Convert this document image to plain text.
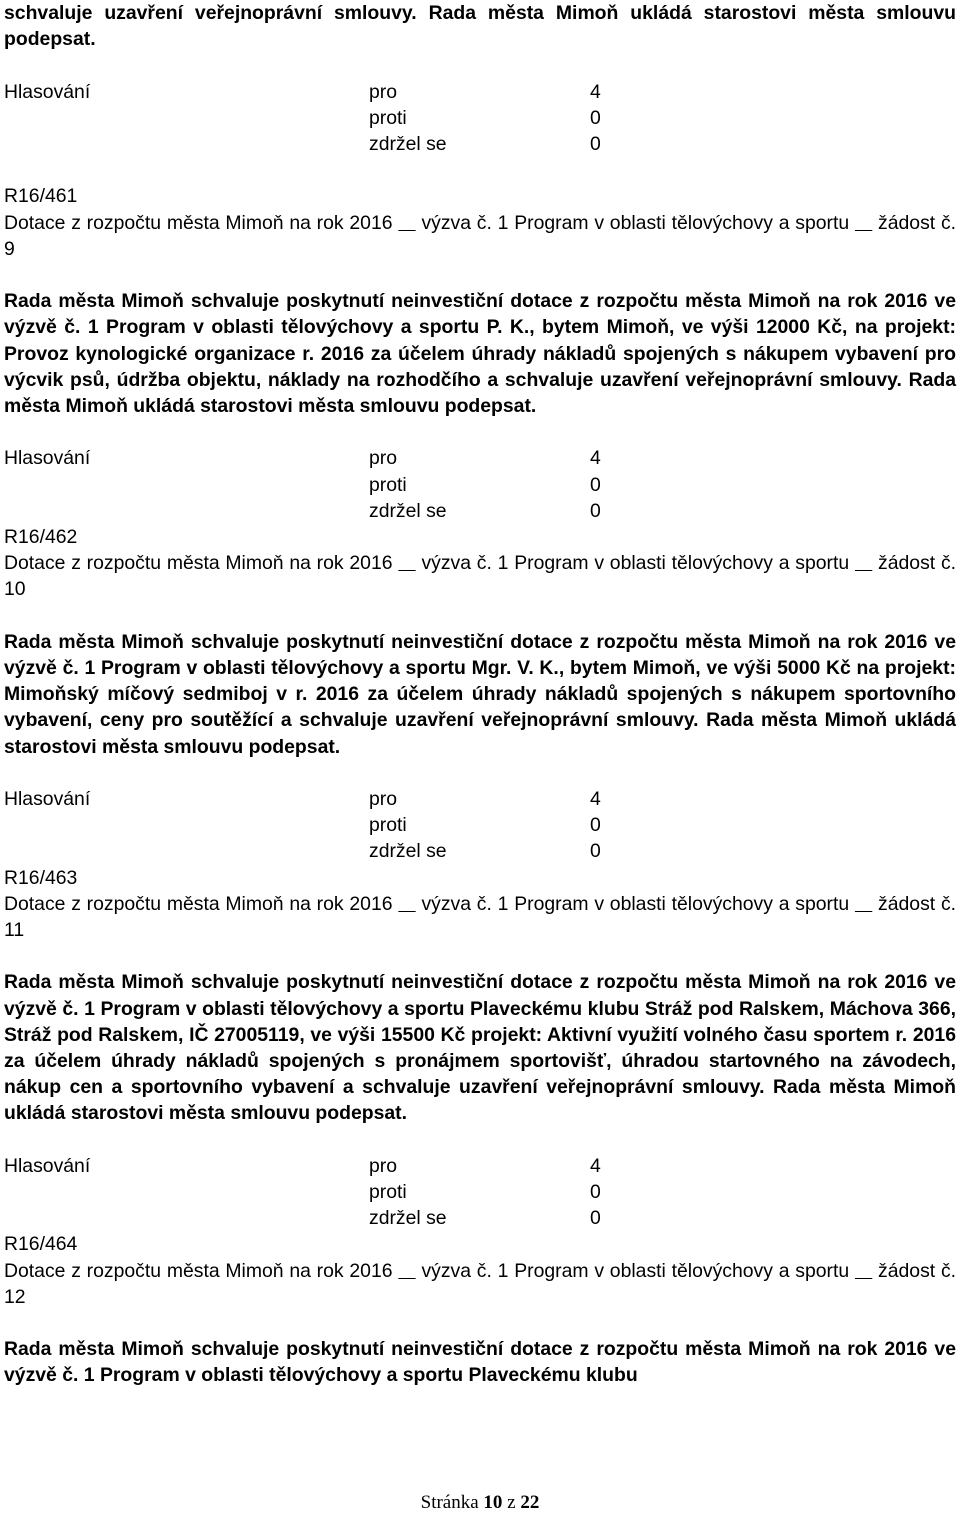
schvaluje uzavření veřejnoprávní smlouvy. Rada města Mimoň ukládá starostovi města smlouvu podepsat.

Hlasování	pro	4
proti	0
zdržel se	0
R16/461

Dotace z rozpočtu města Mimoň na rok 2016 výzva č. 1 Program v oblasti tělovýchovy a sportu žádost č. 9

Rada města Mimoň schvaluje poskytnutí neinvestiční dotace z rozpočtu města Mimoň na rok 2016 ve výzvě č. 1 Program v oblasti tělovýchovy a sportu P. K., bytem Mimoň, ve výši 12000 Kč, na projekt: Provoz kynologické organizace r. 2016 za účelem úhrady nákladů spojených s nákupem vybavení pro výcvik psů, údržba objektu, náklady na rozhodčího a schvaluje uzavření veřejnoprávní smlouvy. Rada města Mimoň ukládá starostovi města smlouvu podepsat.

Hlasování	pro	4
proti	0
zdržel se	0
R16/462

Dotace z rozpočtu města Mimoň na rok 2016 výzva č. 1 Program v oblasti tělovýchovy a sportu žádost č. 10

Rada města Mimoň schvaluje poskytnutí neinvestiční dotace z rozpočtu města Mimoň na rok 2016 ve výzvě č. 1 Program v oblasti tělovýchovy a sportu Mgr. V. K., bytem Mimoň, ve výši 5000 Kč na projekt: Mimoňský míčový sedmiboj v r. 2016 za účelem úhrady nákladů spojených s nákupem sportovního vybavení, ceny pro soutěžící a schvaluje uzavření veřejnoprávní smlouvy. Rada města Mimoň ukládá starostovi města smlouvu podepsat.

Hlasování	pro	4
proti	0
zdržel se	0
R16/463

Dotace z rozpočtu města Mimoň na rok 2016 výzva č. 1 Program v oblasti tělovýchovy a sportu žádost č. 11

Rada města Mimoň schvaluje poskytnutí neinvestiční dotace z rozpočtu města Mimoň na rok 2016 ve výzvě č. 1 Program v oblasti tělovýchovy a sportu Plaveckému klubu Stráž pod Ralskem, Máchova 366, Stráž pod Ralskem, IČ 27005119, ve výši 15500 Kč projekt: Aktivní využití volného času sportem r. 2016 za účelem úhrady nákladů spojených s pronájmem sportovišť, úhradou startovného na závodech, nákup cen a sportovního vybavení a schvaluje uzavření veřejnoprávní smlouvy. Rada města Mimoň ukládá starostovi města smlouvu podepsat.

Hlasování	pro	4
proti	0
zdržel se	0
R16/464

Dotace z rozpočtu města Mimoň na rok 2016 výzva č. 1 Program v oblasti tělovýchovy a sportu žádost č. 12

Rada města Mimoň schvaluje poskytnutí neinvestiční dotace z rozpočtu města Mimoň na rok 2016 ve výzvě č. 1 Program v oblasti tělovýchovy a sportu Plaveckému klubu

Stránka 10 z 22
